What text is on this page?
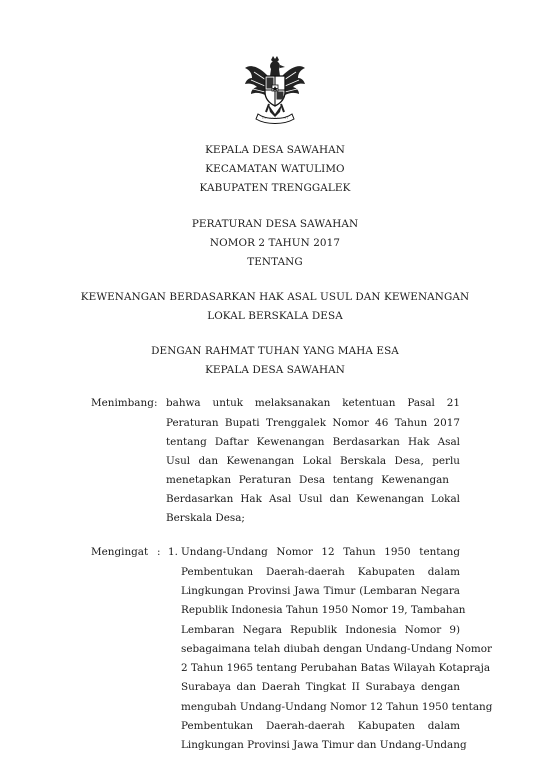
KEPALA DESA SAWAHAN
KECAMATAN WATULIMO
KABUPATEN TRENGGALEK
PERATURAN DESA SAWAHAN
NOMOR 2 TAHUN 2017
TENTANG
KEWENANGAN BERDASARKAN HAK ASAL USUL DAN KEWENANGAN
LOKAL BERSKALA DESA
DENGAN RAHMAT TUHAN YANG MAHA ESA
KEPALA DESA SAWAHAN
Menimbang : bahwa untuk melaksanakan ketentuan Pasal 21
Peraturan Bupati Trenggalek Nomor 46 Tahun 2017
tentang Daftar Kewenangan Berdasarkan Hak Asal
Usul dan Kewenangan Lokal Berskala Desa, perlu
menetapkan Peraturan Desa tentang Kewenangan
Berdasarkan Hak Asal Usul dan Kewenangan Lokal
Berskala Desa;
Mengingat : 1. Undang-Undang Nomor 12 Tahun 1950 tentang
Pembentukan Daerah-daerah Kabupaten dalam
Lingkungan Provinsi Jawa Timur (Lembaran Negara
Republik Indonesia Tahun 1950 Nomor 19, Tambahan
Lembaran Negara Republik Indonesia Nomor 9)
sebagaimana telah diubah dengan Undang-Undang Nomor
2 Tahun 1965 tentang Perubahan Batas Wilayah Kotapraja
Surabaya dan Daerah Tingkat II Surabaya dengan
mengubah Undang-Undang Nomor 12 Tahun 1950 tentang
Pembentukan Daerah-daerah Kabupaten dalam
Lingkungan Provinsi Jawa Timur dan Undang-Undang
